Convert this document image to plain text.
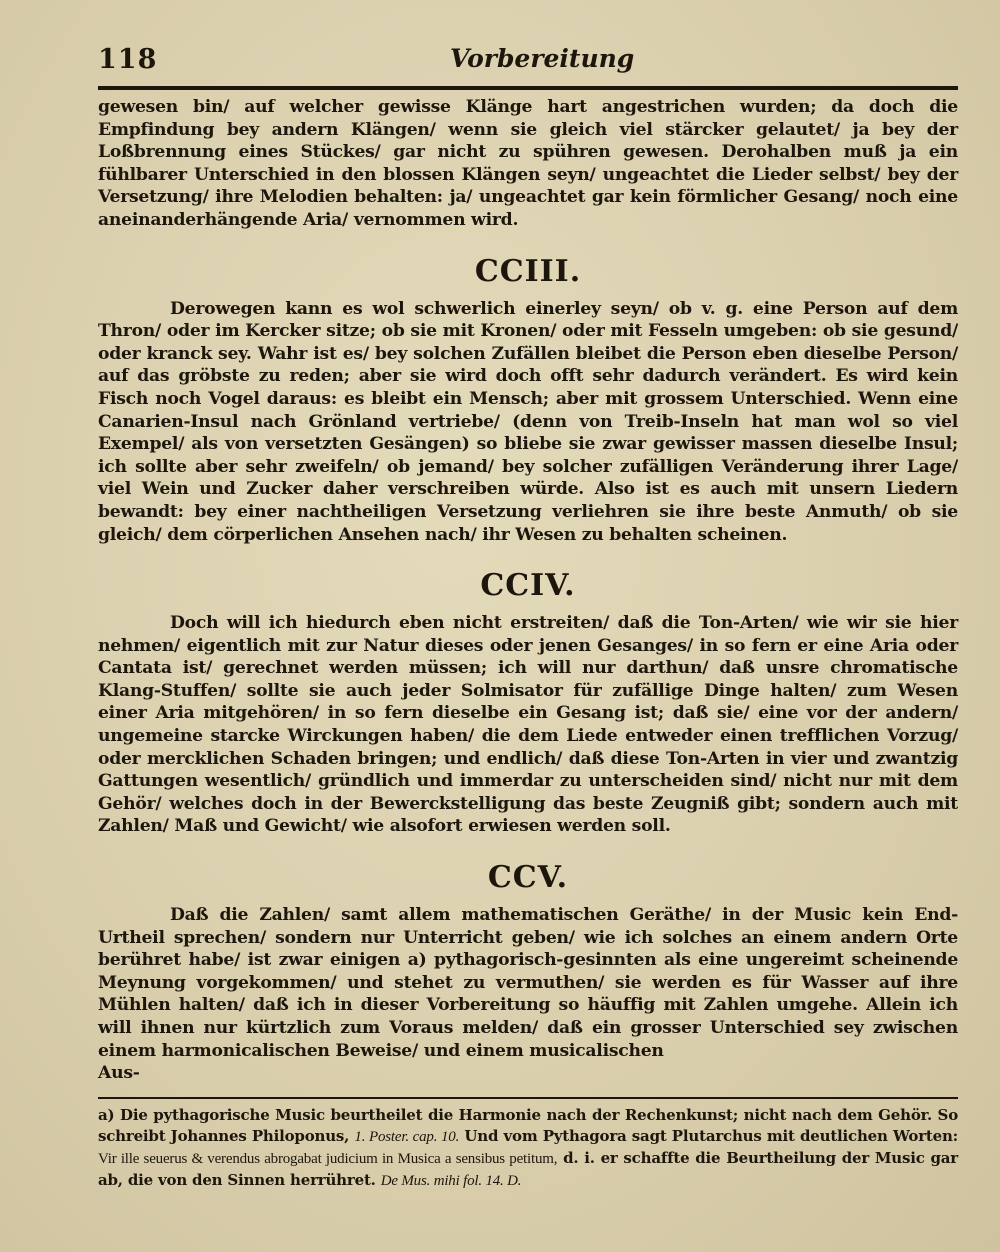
118	Vorbereitung

gewesen bin/ auf welcher gewisse Klänge hart angestrichen wurden; da doch die Empfindung bey andern Klängen/ wenn sie gleich viel stärcker gelautet/ ja bey der Loßbrennung eines Stückes/ gar nicht zu spühren gewesen. Derohalben muß ja ein fühlbarer Unterschied in den blossen Klängen seyn/ ungeachtet die Lieder selbst/ bey der Versetzung/ ihre Melodien behalten: ja/ ungeachtet gar kein förmlicher Gesang/ noch eine aneinanderhängende Aria/ vernommen wird.

CCIII.

Derowegen kann es wol schwerlich einerley seyn/ ob v. g. eine Person auf dem Thron/ oder im Kercker sitze; ob sie mit Kronen/ oder mit Fesseln umgeben: ob sie gesund/ oder kranck sey. Wahr ist es/ bey solchen Zufällen bleibet die Person eben dieselbe Person/ auf das gröbste zu reden; aber sie wird doch offt sehr dadurch verändert. Es wird kein Fisch noch Vogel daraus: es bleibt ein Mensch; aber mit grossem Unterschied. Wenn eine Canarien-Insul nach Grönland vertriebe/ (denn von Treib-Inseln hat man wol so viel Exempel/ als von versetzten Gesängen) so bliebe sie zwar gewisser massen dieselbe Insul; ich sollte aber sehr zweifeln/ ob jemand/ bey solcher zufälligen Veränderung ihrer Lage/ viel Wein und Zucker daher verschreiben würde. Also ist es auch mit unsern Liedern bewandt: bey einer nachtheiligen Versetzung verliehren sie ihre beste Anmuth/ ob sie gleich/ dem cörperlichen Ansehen nach/ ihr Wesen zu behalten scheinen.

CCIV.

Doch will ich hiedurch eben nicht erstreiten/ daß die Ton-Arten/ wie wir sie hier nehmen/ eigentlich mit zur Natur dieses oder jenen Gesanges/ in so fern er eine Aria oder Cantata ist/ gerechnet werden müssen; ich will nur darthun/ daß unsre chromatische Klang-Stuffen/ sollte sie auch jeder Solmisator für zufällige Dinge halten/ zum Wesen einer Aria mitgehören/ in so fern dieselbe ein Gesang ist; daß sie/ eine vor der andern/ ungemeine starcke Wirckungen haben/ die dem Liede entweder einen trefflichen Vorzug/ oder mercklichen Schaden bringen; und endlich/ daß diese Ton-Arten in vier und zwantzig Gattungen wesentlich/ gründlich und immerdar zu unterscheiden sind/ nicht nur mit dem Gehör/ welches doch in der Bewerckstelligung das beste Zeugniß gibt; sondern auch mit Zahlen/ Maß und Gewicht/ wie alsofort erwiesen werden soll.

CCV.

Daß die Zahlen/ samt allem mathematischen Geräthe/ in der Music kein End-Urtheil sprechen/ sondern nur Unterricht geben/ wie ich solches an einem andern Orte berühret habe/ ist zwar einigen a) pythagorisch-gesinnten als eine ungereimt scheinende Meynung vorgekommen/ und stehet zu vermuthen/ sie werden es für Wasser auf ihre Mühlen halten/ daß ich in dieser Vorbereitung so häuffig mit Zahlen umgehe. Allein ich will ihnen nur kürtzlich zum Voraus melden/ daß ein grosser Unterschied sey zwischen einem harmonicalischen Beweise/ und einem musicalischen

Aus-

a) Die pythagorische Music beurtheilet die Harmonie nach der Rechenkunst; nicht nach dem Gehör. So schreibt Johannes Philoponus, 1. Poster. cap. 10. Und vom Pythagora sagt Plutarchus mit deutlichen Worten: Vir ille seuerus & verendus abrogabat judicium in Musica a sensibus petitum, d. i. er schaffte die Beurtheilung der Music gar ab, die von den Sinnen herrühret. De Mus. mihi fol. 14. D.
